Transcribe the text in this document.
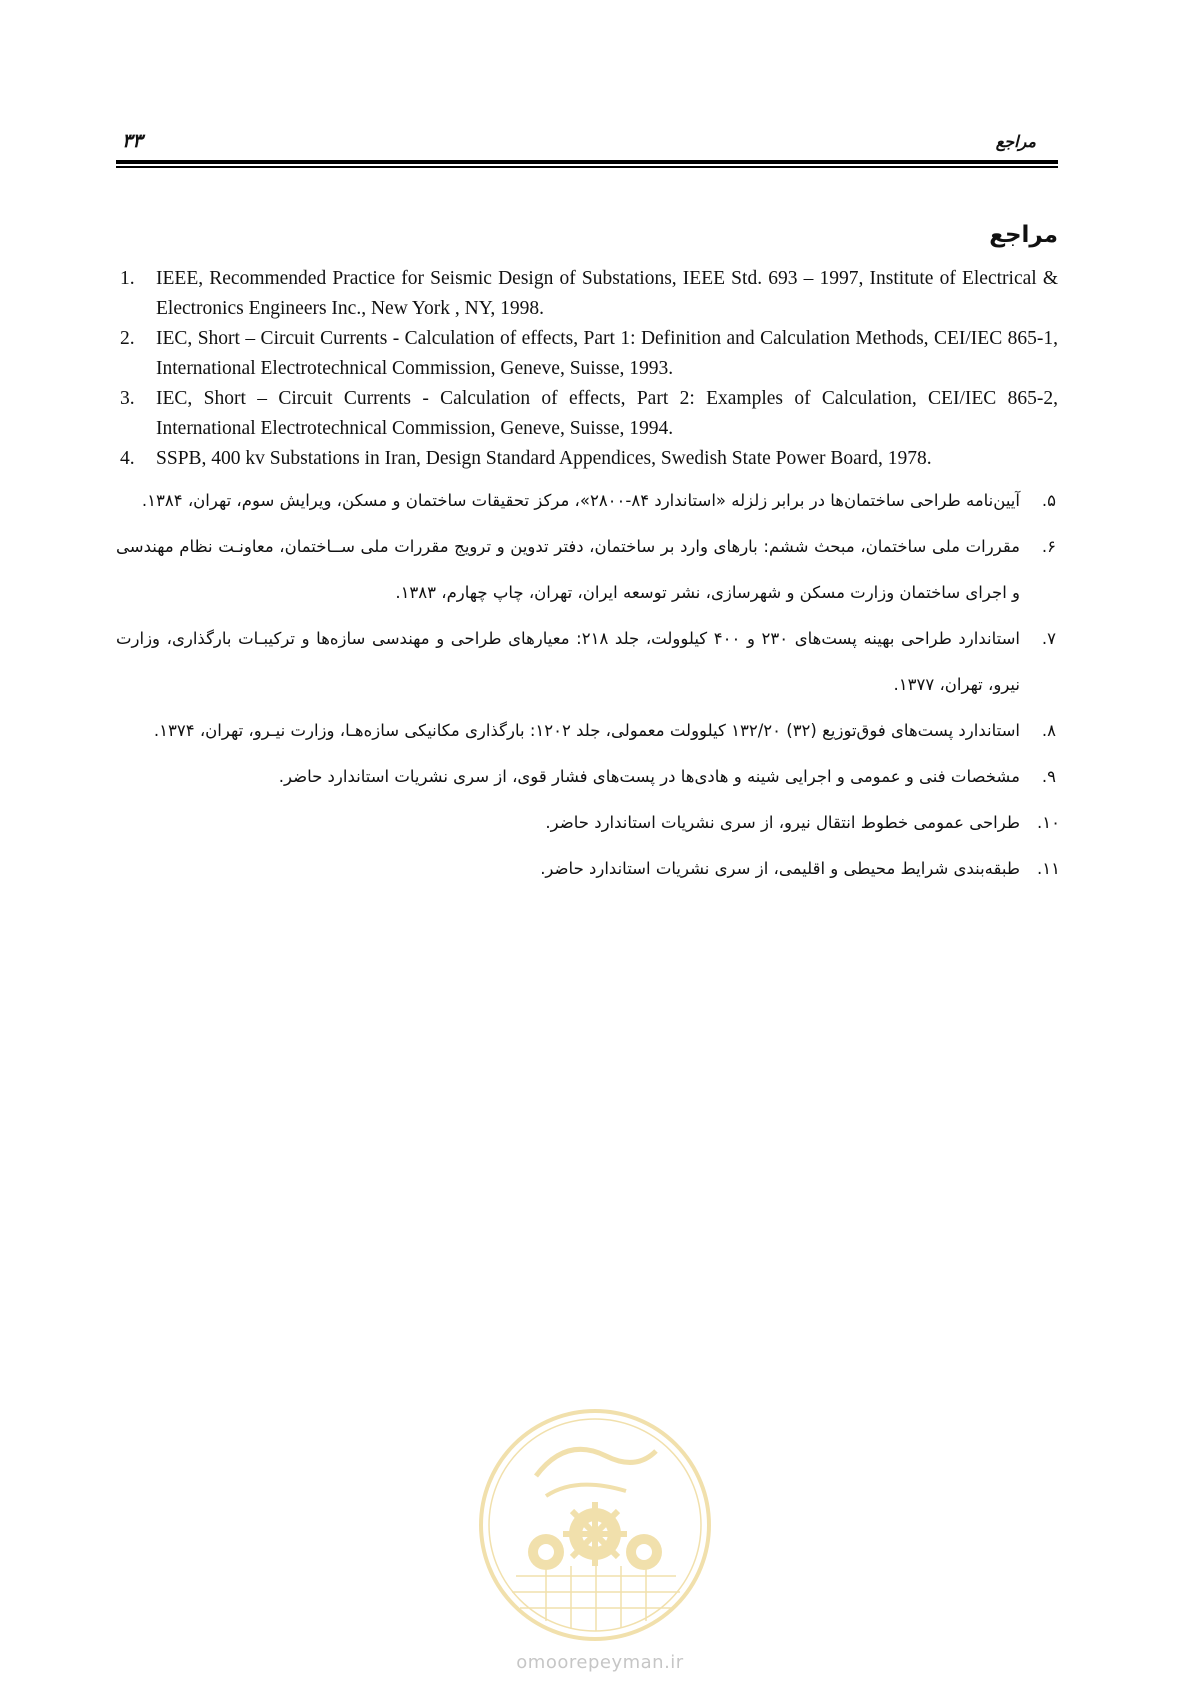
۳۳	مراجع
مراجع
1. IEEE, Recommended Practice for Seismic Design of Substations, IEEE Std. 693 – 1997, Institute of Electrical & Electronics Engineers Inc., New York , NY, 1998.
2. IEC, Short – Circuit Currents - Calculation of effects, Part 1: Definition and Calculation Methods, CEI/IEC 865-1, International Electrotechnical Commission, Geneve, Suisse, 1993.
3. IEC, Short – Circuit Currents - Calculation of effects, Part 2: Examples of Calculation, CEI/IEC 865-2, International Electrotechnical Commission, Geneve, Suisse, 1994.
4. SSPB, 400 kv Substations in Iran, Design Standard Appendices, Swedish State Power Board, 1978.
۵.
آیین‌نامه طراحی ساختمان‌ها در برابر زلزله «استاندارد ۸۴-۲۸۰۰»، مرکز تحقیقات ساختمان و مسکن، ویرایش سوم، تهران، ۱۳۸۴.
۶.
مقررات ملی ساختمان، مبحث ششم: بارهای وارد بر ساختمان، دفتر تدوین و ترویج مقررات ملی ســاختمان، معاونـت نظام مهندسی و اجرای ساختمان وزارت مسکن و شهرسازی، نشر توسعه ایران، تهران، چاپ چهارم، ۱۳۸۳.
۷.
استاندارد طراحی بهینه پست‌های ۲۳۰ و ۴۰۰ کیلوولت، جلد ۲۱۸: معیارهای طراحی و مهندسی سازه‌ها و ترکیبـات بارگذاری، وزارت نیرو، تهران، ۱۳۷۷.
۸.
استاندارد پست‌های فوق‌توزیع (۳۲) ۱۳۲/۲۰ کیلوولت معمولی، جلد ۱۲۰۲: بارگذاری مکانیکی سازه‌هـا، وزارت نیـرو، تهران، ۱۳۷۴.
۹.
مشخصات فنی و عمومی و اجرایی شینه و هادی‌ها در پست‌های فشار قوی، از سری نشریات استاندارد حاضر.
۱۰.
طراحی عمومی خطوط انتقال نیرو، از سری نشریات استاندارد حاضر.
۱۱.
طبقه‌بندی شرایط محیطی و اقلیمی، از سری نشریات استاندارد حاضر.
omoorepeyman.ir
